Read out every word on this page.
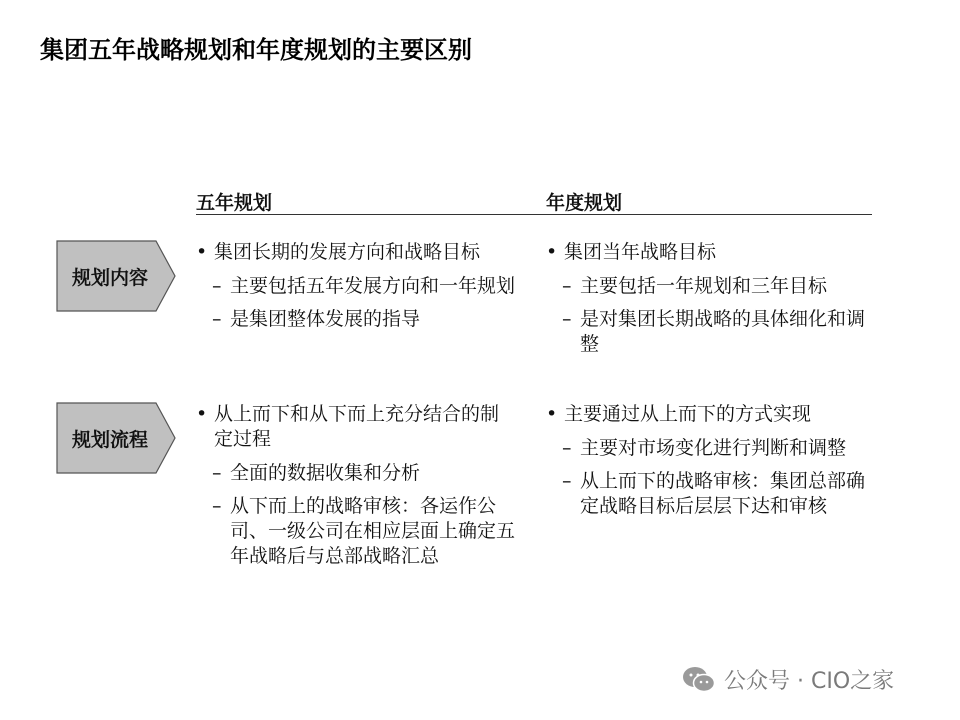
集团五年战略规划和年度规划的主要区别
五年规划	年度规划
规划内容
• 集团长期的发展方向和战略目标
– 主要包括五年发展方向和一年规划
– 是集团整体发展的指导
• 集团当年战略目标
– 主要包括一年规划和三年目标
– 是对集团长期战略的具体细化和调整
规划流程
• 从上而下和从下而上充分结合的制定过程
– 全面的数据收集和分析
– 从下而上的战略审核：各运作公司、一级公司在相应层面上确定五年战略后与总部战略汇总
• 主要通过从上而下的方式实现
– 主要对市场变化进行判断和调整
– 从上而下的战略审核：集团总部确定战略目标后层层下达和审核
公众号 · CIO之家
